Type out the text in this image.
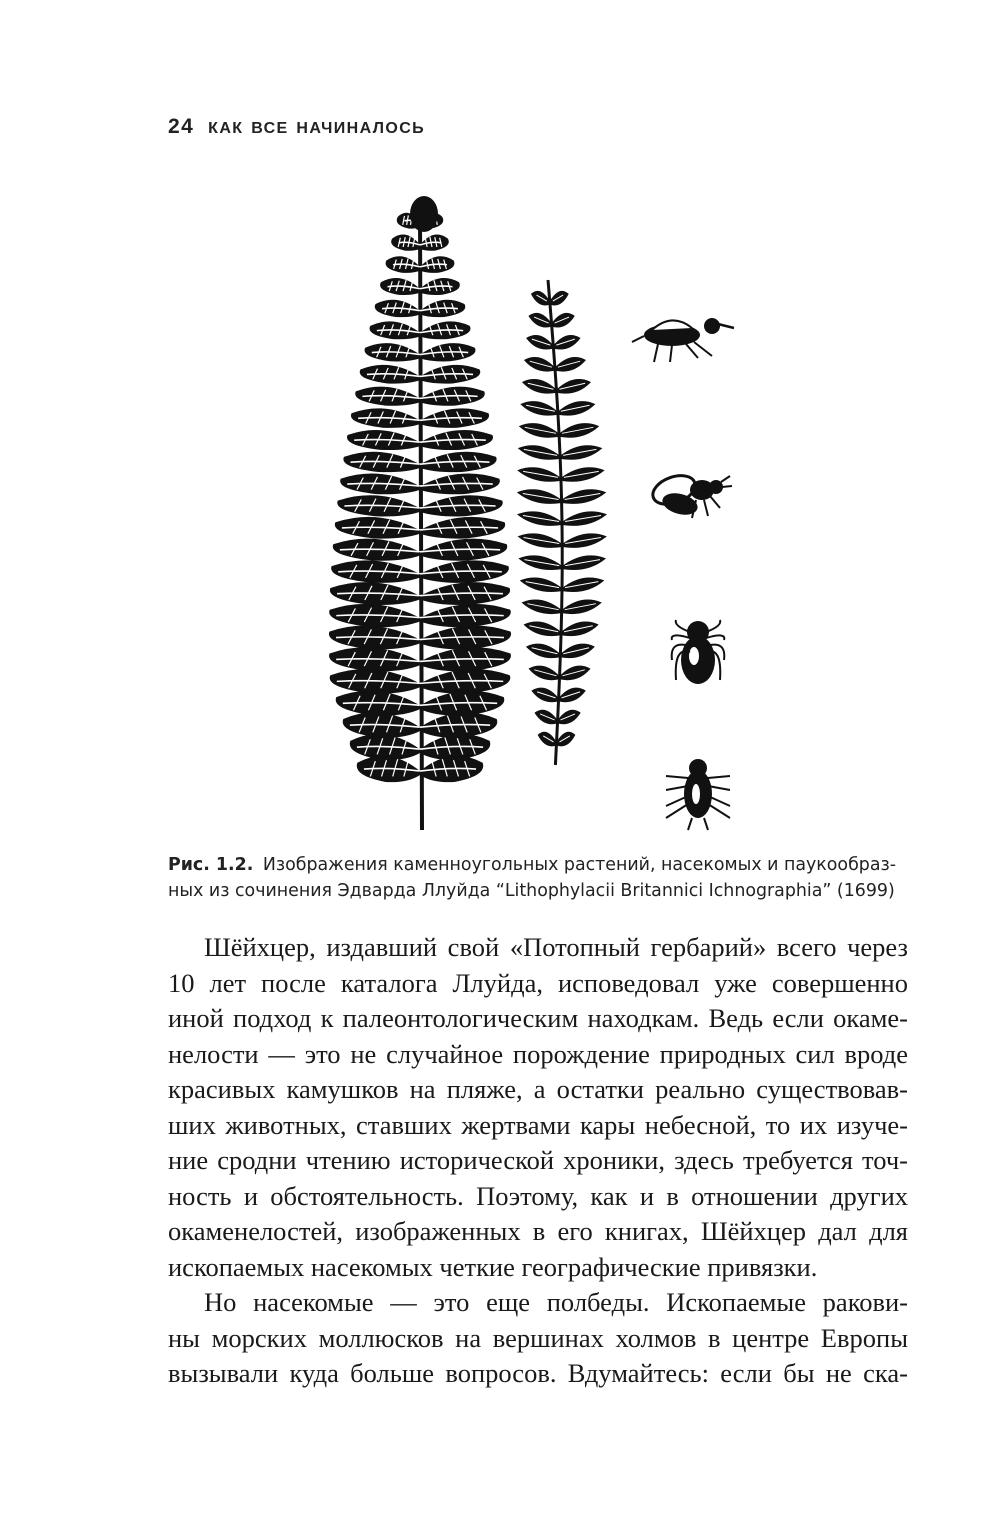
24 как все начиналось
Рис. 1.2. Изображения каменноугольных растений, насекомых и паукообраз-
ных из сочинения Эдварда Ллуйда “Lithophylacii Britannici Ichnographia” (1699)
Шёйхцер, издавший свой «Потопный гербарий» всего через
10 лет после каталога Ллуйда, исповедовал уже совершенно
иной подход к палеонтологическим находкам. Ведь если окаме-
нелости — это не случайное порождение природных сил вроде
красивых камушков на пляже, а остатки реально существовав-
ших животных, ставших жертвами кары небесной, то их изуче-
ние сродни чтению исторической хроники, здесь требуется точ-
ность и обстоятельность. Поэтому, как и в отношении других
окаменелостей, изображенных в его книгах, Шёйхцер дал для
ископаемых насекомых четкие географические привязки.
Но насекомые — это еще полбеды. Ископаемые ракови-
ны морских моллюсков на вершинах холмов в центре Европы
вызывали куда больше вопросов. Вдумайтесь: если бы не ска-
